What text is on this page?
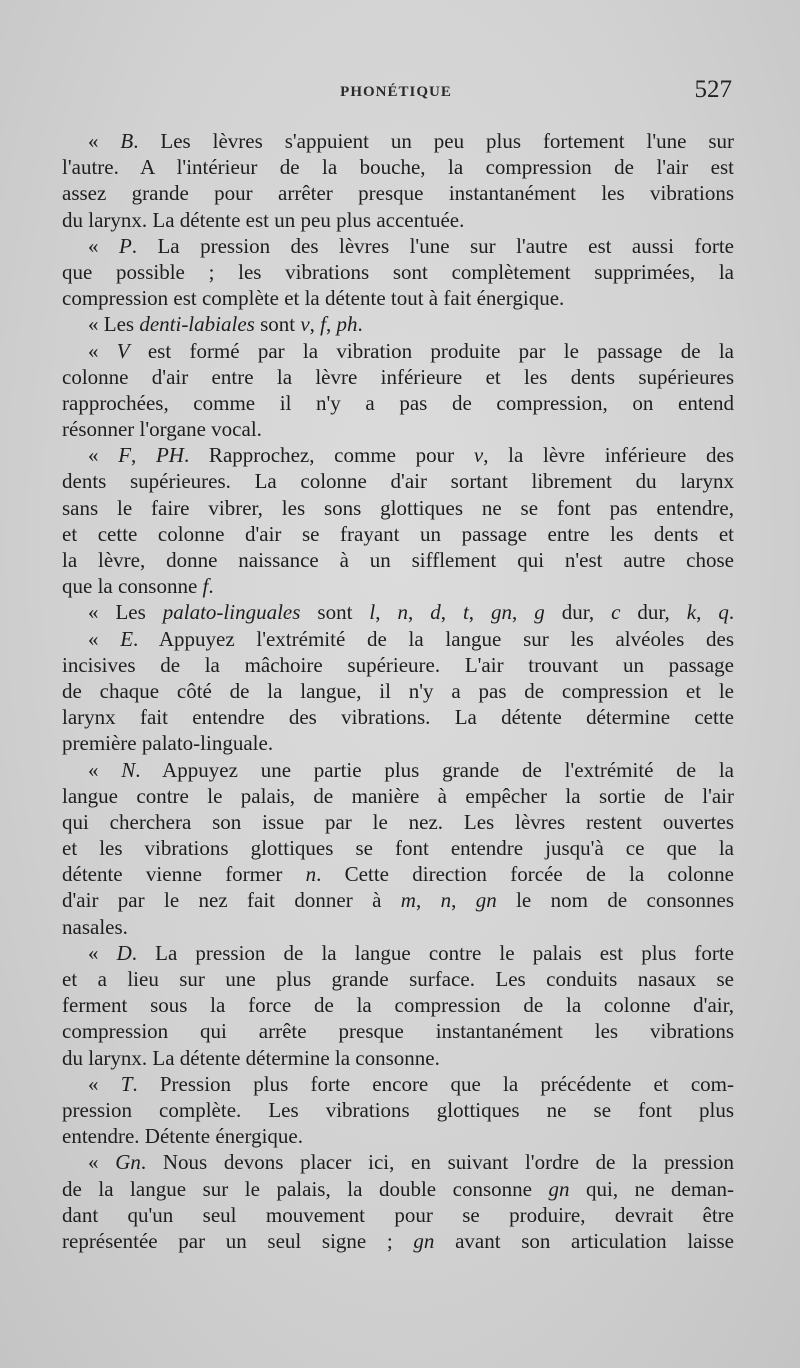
PHONÉTIQUE	527
« B. Les lèvres s'appuient un peu plus fortement l'une sur
l'autre. A l'intérieur de la bouche, la compression de l'air est
assez grande pour arrêter presque instantanément les vibrations
du larynx. La détente est un peu plus accentuée.
« P. La pression des lèvres l'une sur l'autre est aussi forte
que possible ; les vibrations sont complètement supprimées, la
compression est complète et la détente tout à fait énergique.
« Les denti-labiales sont v, f, ph.
« V est formé par la vibration produite par le passage de la
colonne d'air entre la lèvre inférieure et les dents supérieures
rapprochées, comme il n'y a pas de compression, on entend
résonner l'organe vocal.
« F, PH. Rapprochez, comme pour v, la lèvre inférieure des
dents supérieures. La colonne d'air sortant librement du larynx
sans le faire vibrer, les sons glottiques ne se font pas entendre,
et cette colonne d'air se frayant un passage entre les dents et
la lèvre, donne naissance à un sifflement qui n'est autre chose
que la consonne f.
« Les palato-linguales sont l, n, d, t, gn, g dur, c dur, k, q.
« E. Appuyez l'extrémité de la langue sur les alvéoles des
incisives de la mâchoire supérieure. L'air trouvant un passage
de chaque côté de la langue, il n'y a pas de compression et le
larynx fait entendre des vibrations. La détente détermine cette
première palato-linguale.
« N. Appuyez une partie plus grande de l'extrémité de la
langue contre le palais, de manière à empêcher la sortie de l'air
qui cherchera son issue par le nez. Les lèvres restent ouvertes
et les vibrations glottiques se font entendre jusqu'à ce que la
détente vienne former n. Cette direction forcée de la colonne
d'air par le nez fait donner à m, n, gn le nom de consonnes
nasales.
« D. La pression de la langue contre le palais est plus forte
et a lieu sur une plus grande surface. Les conduits nasaux se
ferment sous la force de la compression de la colonne d'air,
compression qui arrête presque instantanément les vibrations
du larynx. La détente détermine la consonne.
« T. Pression plus forte encore que la précédente et com-
pression complète. Les vibrations glottiques ne se font plus
entendre. Détente énergique.
« Gn. Nous devons placer ici, en suivant l'ordre de la pression
de la langue sur le palais, la double consonne gn qui, ne deman-
dant qu'un seul mouvement pour se produire, devrait être
représentée par un seul signe ; gn avant son articulation laisse
